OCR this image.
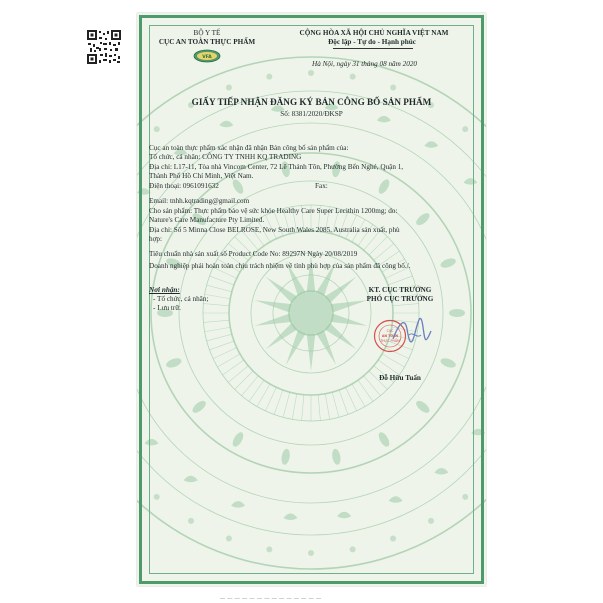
BỘ Y TẾ
CỤC AN TOÀN THỰC PHẨM
VFA
CỘNG HÒA XÃ HỘI CHỦ NGHĨA VIỆT NAM
Độc lập - Tự do - Hạnh phúc
Hà Nội, ngày 31 tháng 08 năm 2020
GIẤY TIẾP NHẬN ĐĂNG KÝ BẢN CÔNG BỐ SẢN PHẨM
Số: 8381/2020/ĐKSP
Cục an toàn thực phẩm xác nhận đã nhận Bản công bố sản phẩm của:
Tổ chức, cá nhân: CÔNG TY TNHH KQ TRADING
Địa chỉ: L17-11, Tòa nhà Vincom Center, 72 Lê Thánh Tôn, Phường Bến Nghé, Quận 1,
Thành Phố Hồ Chí Minh, Việt Nam.
Điện thoại: 0961091632	Fax:
Email: tnhh.kqtrading@gmail.com
Cho sản phẩm: Thực phẩm bảo vệ sức khỏe Healthy Care Super Lecithin 1200mg; do:
Nature's Care Manufacture Pty Limited.
Địa chỉ: Số 5 Minna Close BELROSE, New South Wales 2085, Australia sản xuất, phù
hợp:
Tiêu chuẩn nhà sản xuất số Product Code No: 89297N Ngày 20/08/2019
Doanh nghiệp phải hoàn toàn chịu trách nhiệm về tính phù hợp của sản phẩm đã công bố./.
Nơi nhận:
- Tổ chức, cá nhân;
- Lưu trữ.
KT. CỤC TRƯỞNG
PHÓ CỤC TRƯỞNG
CỤC
AN TOÀN
THỰC PHẨM
Đỗ Hữu Tuấn
— — — — — — — — — — — — — —
